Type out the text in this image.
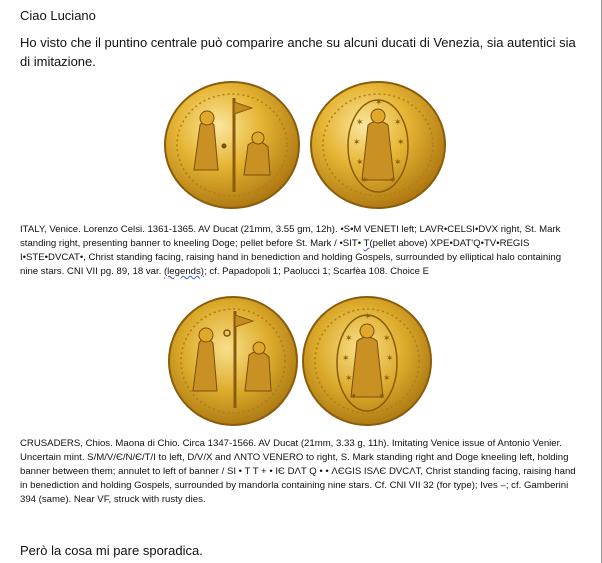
Ciao Luciano
Ho visto che il puntino centrale può comparire anche su alcuni ducati di Venezia, sia autentici sia di imitazione.
✶	✶
✶	✶
✶	✶
✶ ✶
✶
ITALY, Venice. Lorenzo Celsi. 1361-1365. AV Ducat (21mm, 3.55 gm, 12h). •S•M VENETI left; LAVR•CELSI•DVX right, St. Mark standing right, presenting banner to kneeling Doge; pellet before St. Mark / •SIT• T(pellet above) XPE•DAT'Q•TV•REGIS I•STE•DVCAT•, Christ standing facing, raising hand in benediction and holding Gospels, surrounded by elliptical halo containing nine stars. CNI VII pg. 89, 18 var. (legends); cf. Papadopoli 1; Paolucci 1; Scarfèa 108. Choice E
✶	✶
✶	✶
✶	✶
✶ ✶
✶
CRUSADERS, Chios. Maona di Chio. Circa 1347-1566. AV Ducat (21mm, 3.33 g, 11h). Imitating Venice issue of Antonio Venier. Uncertain mint. S/M/V/Є/N/Є/T/I to left, D/V/X and ΛNTO VENERO to right, S. Mark standing right and Doge kneeling left, holding banner between them; annulet to left of banner / SI • T T + • IЄ DΛT Q • • ΛЄGIS ISΛЄ DVCΛT, Christ standing facing, raising hand in benediction and holding Gospels, surrounded by mandorla containing nine stars. Cf. CNI VII 32 (for type); Ives –; cf. Gamberini 394 (same). Near VF, struck with rusty dies.
Però la cosa mi pare sporadica.
